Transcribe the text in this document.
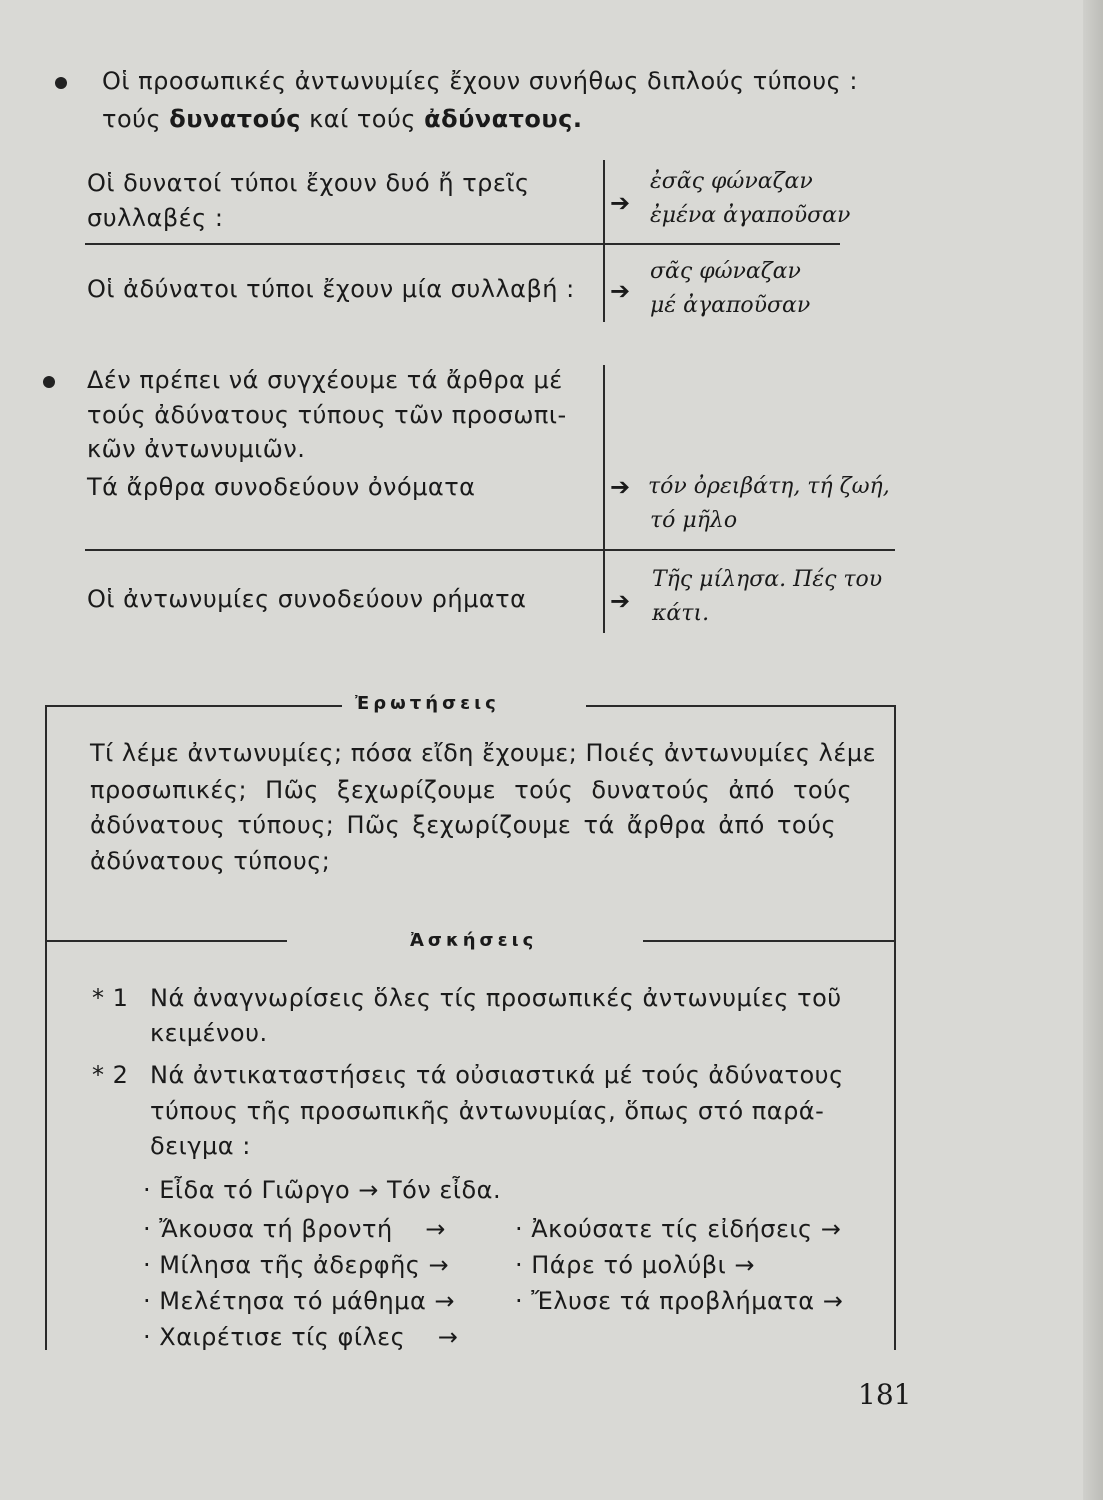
Οἱ προσωπικές ἀντωνυμίες ἔχουν συνήθως διπλούς τύπους :
τούς δυνατούς καί τούς ἀδύνατους.
Οἱ δυνατοί τύποι ἔχουν δυό ἤ τρεῖς
συλλαβές :
➔
ἐσᾶς φώναζαν
ἐμένα ἀγαποῦσαν
Οἱ ἀδύνατοι τύποι ἔχουν μία συλλαβή : ➔
σᾶς φώναζαν
μέ ἀγαποῦσαν
Δέν πρέπει νά συγχέουμε τά ἄρθρα μέ
τούς ἀδύνατους τύπους τῶν προσωπι-
κῶν ἀντωνυμιῶν.
Τά ἄρθρα συνοδεύουν ὀνόματα	➔ τόν ὀρειβάτη, τή ζωή,
τό μῆλο
Οἱ ἀντωνυμίες συνοδεύουν ρήματα	➔
Τῆς μίλησα. Πές του
κάτι.
Ἐρωτήσεις
Τί λέμε ἀντωνυμίες; πόσα εἴδη ἔχουμε; Ποιές ἀντωνυμίες λέμε
προσωπικές; Πῶς ξεχωρίζουμε τούς δυνατούς ἀπό τούς
ἀδύνατους τύπους; Πῶς ξεχωρίζουμε τά ἄρθρα ἀπό τούς
ἀδύνατους τύπους;
Ἀσκήσεις
* 1 Νά ἀναγνωρίσεις ὅλες τίς προσωπικές ἀντωνυμίες τοῦ
κειμένου.
* 2 Νά ἀντικαταστήσεις τά οὐσιαστικά μέ τούς ἀδύνατους
τύπους τῆς προσωπικῆς ἀντωνυμίας, ὅπως στό παρά-
δειγμα :
· Εἶδα τό Γιῶργο → Τόν εἶδα.
· Ἄκουσα τή βροντή    →
· Μίλησα τῆς ἀδερφῆς →
· Μελέτησα τό μάθημα →
· Χαιρέτισε τίς φίλες    →
· Ἀκούσατε τίς εἰδήσεις →
· Πάρε τό μολύβι →
· Ἔλυσε τά προβλήματα →
181
